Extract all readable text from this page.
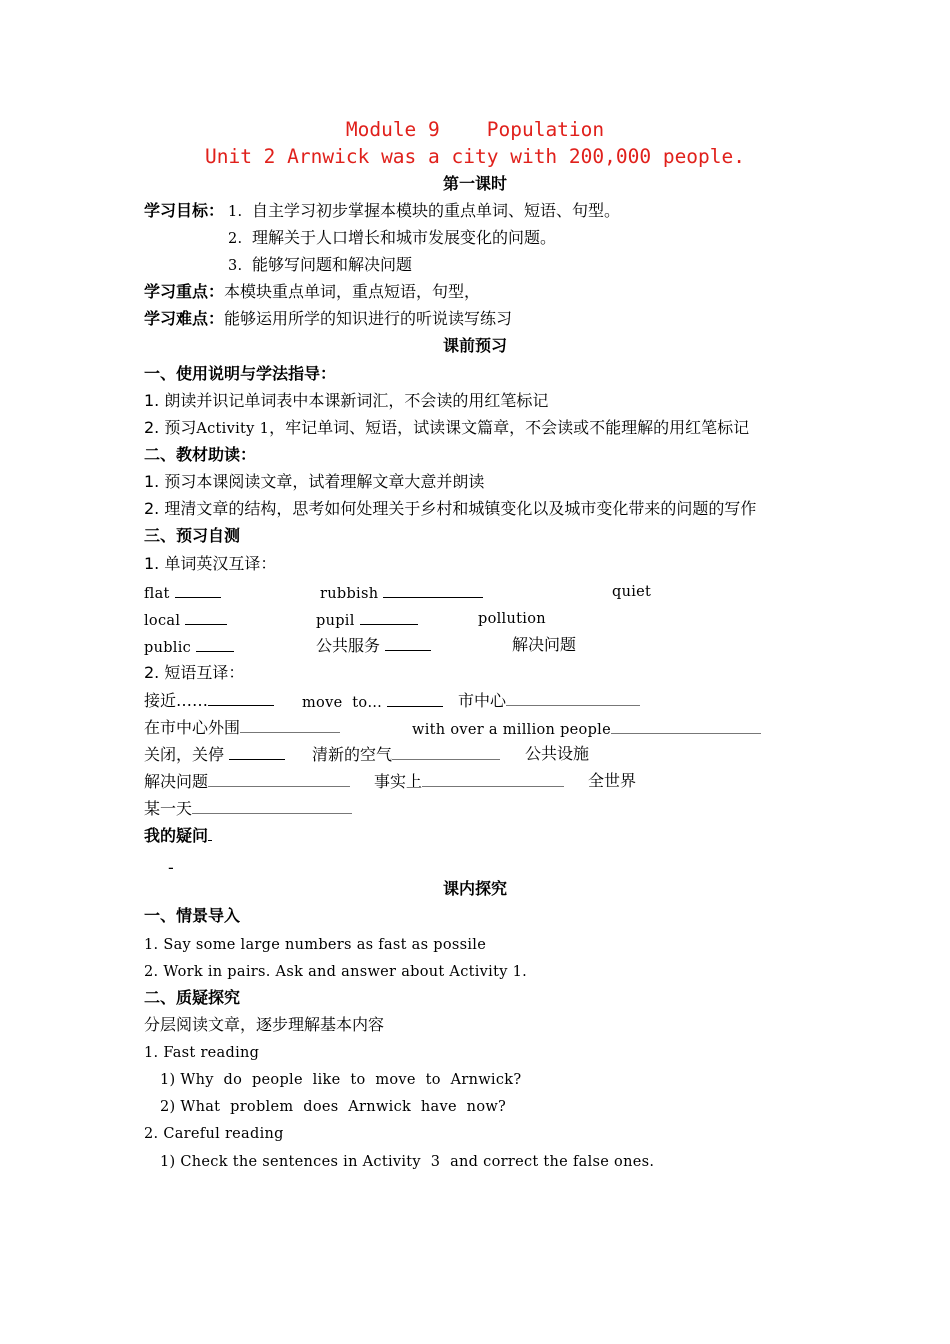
Module 9    Population
Unit 2 Arnwick was a city with 200,000 people.
第一课时
学习目标： 1. 自主学习初步掌握本模块的重点单词、短语、句型。
2. 理解关于人口增长和城市发展变化的问题。
3. 能够写问题和解决问题
学习重点：本模块重点单词，重点短语，句型，
学习难点：能够运用所学的知识进行的听说读写练习
课前预习
一、使用说明与学法指导：
1. 朗读并识记单词表中本课新词汇，不会读的用红笔标记
2. 预习Activity 1，牢记单词、短语，试读课文篇章，不会读或不能理解的用红笔标记
二、教材助读：
1. 预习本课阅读文章，试着理解文章大意并朗读
2. 理清文章的结构，思考如何处理关于乡村和城镇变化以及城市变化带来的问题的写作
三、预习自测
1. 单词英汉互译：
flat	rubbish	quiet
local	pupil	pollution
public	公共服务	解决问题
2. 短语互译：
接近……	move  to…	市中心
在市中心外围	with over a million people
关闭，关停	清新的空气	公共设施
解决问题	事实上	全世界
某一天
我的疑问
-
课内探究
一、情景导入
1. Say some large numbers as fast as possile
2. Work in pairs. Ask and answer about Activity 1.
二、质疑探究
分层阅读文章，逐步理解基本内容
1. Fast reading
1) Why  do  people  like  to  move  to  Arnwick?
2) What  problem  does  Arnwick  have  now?
2. Careful reading
1) Check the sentences in Activity  3  and correct the false ones.
